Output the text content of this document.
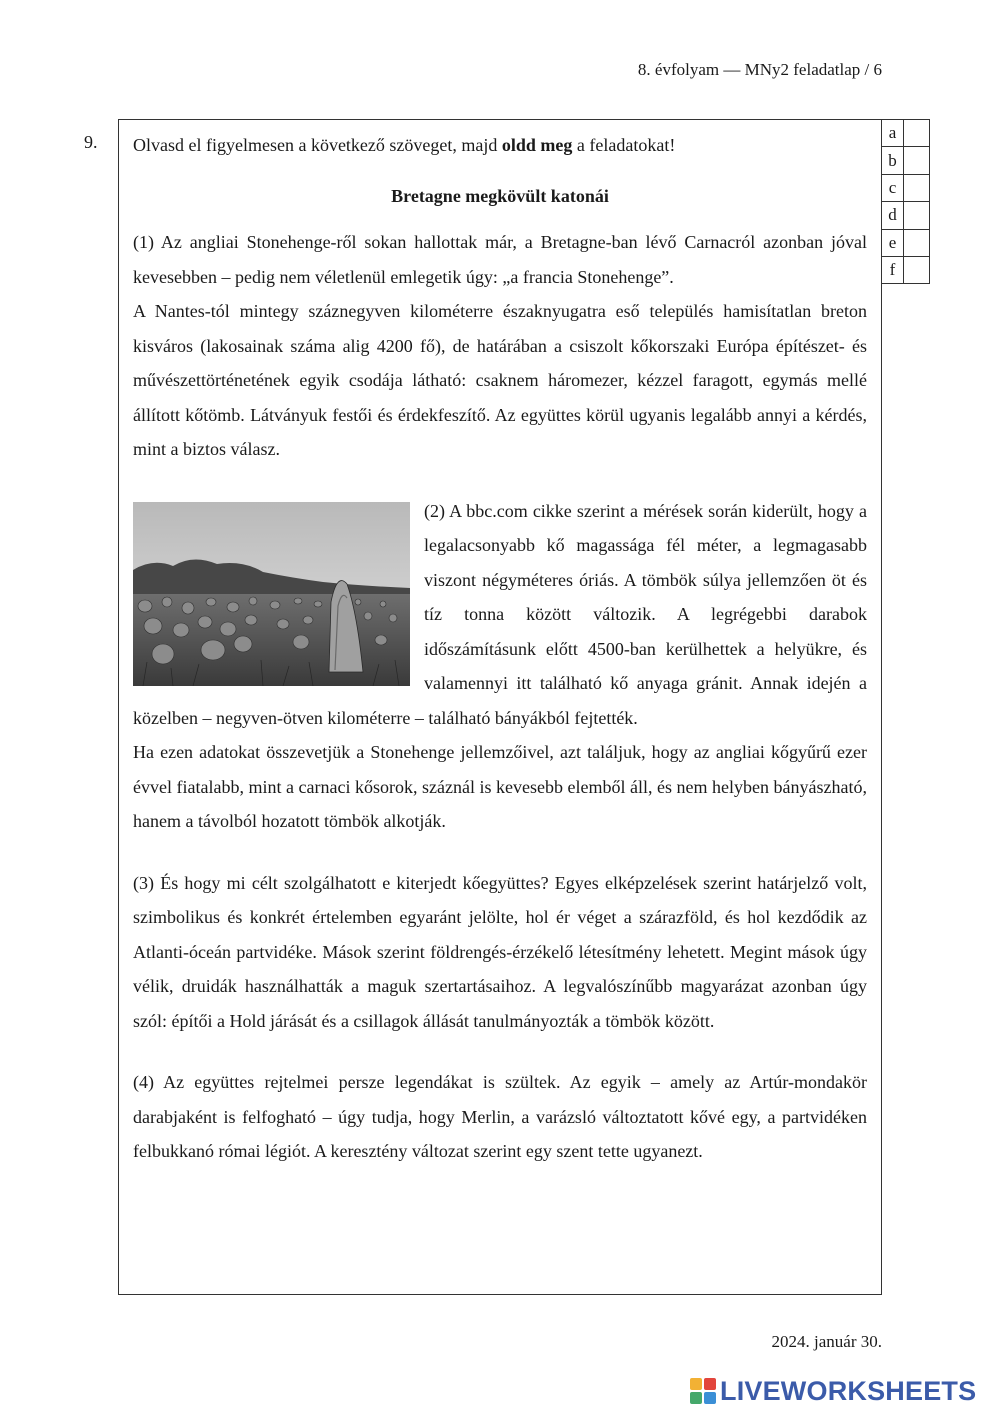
8. évfolyam — MNy2 feladatlap / 6
9.	a	
b	
c	
d	
e	
f	

Olvasd el figyelmesen a következő szöveget, majd oldd meg a feladatokat!

Bretagne megkövült katonái

(1) Az angliai Stonehenge-ről sokan hallottak már, a Bretagne-ban lévő Carnacról azonban jóval kevesebben – pedig nem véletlenül emlegetik úgy: „a francia Stonehenge”.

A Nantes-tól mintegy száznegyven kilométerre északnyugatra eső település hamisítatlan breton kisváros (lakosainak száma alig 4200 fő), de határában a csiszolt kőkorszaki Európa építészet- és művészettörténetének egyik csodája látható: csaknem háromezer, kézzel faragott, egymás mellé állított kőtömb. Látványuk festői és érdekfeszítő. Az együttes körül ugyanis legalább annyi a kérdés, mint a biztos válasz.

(2) A bbc.com cikke szerint a mérések során kiderült, hogy a legalacsonyabb kő magassága fél méter, a legmagasabb viszont négyméteres óriás. A tömbök súlya jellemzően öt és tíz tonna között változik. A legrégebbi darabok időszámításunk előtt 4500-ban kerülhettek a helyükre, és valamennyi itt található kő anyaga gránit. Annak idején a közelben – negyven-ötven kilométerre – található bányákból fejtették.

Ha ezen adatokat összevetjük a Stonehenge jellemzőivel, azt találjuk, hogy az angliai kőgyűrű ezer évvel fiatalabb, mint a carnaci kősorok, száznál is kevesebb elemből áll, és nem helyben bányászható, hanem a távolból hozatott tömbök alkotják.

(3) És hogy mi célt szolgálhatott e kiterjedt kőegyüttes? Egyes elképzelések szerint határjelző volt, szimbolikus és konkrét értelemben egyaránt jelölte, hol ér véget a szárazföld, és hol kezdődik az Atlanti-óceán partvidéke. Mások szerint földrengés-érzékelő létesítmény lehetett. Megint mások úgy vélik, druidák használhatták a maguk szertartásaihoz. A legvalószínűbb magyarázat azonban úgy szól: építői a Hold járását és a csillagok állását tanulmányozták a tömbök között.

(4) Az együttes rejtelmei persze legendákat is szültek. Az egyik – amely az Artúr-mondakör darabjaként is felfogható – úgy tudja, hogy Merlin, a varázsló változtatott kővé egy, a partvidéken felbukkanó római légiót. A keresztény változat szerint egy szent tette ugyanezt.

2024. január 30.
LIVEWORKSHEETS
